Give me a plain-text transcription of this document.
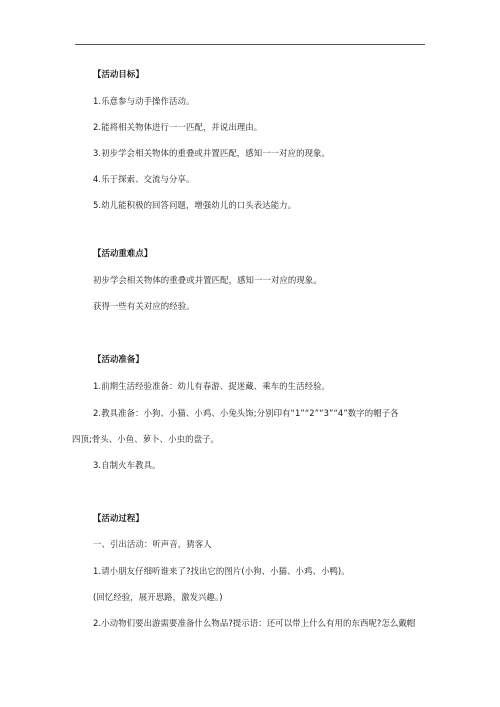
【活动目标】
1.乐意参与动手操作活动。
2.能将相关物体进行一一匹配，并说出理由。
3.初步学会相关物体的重叠或并置匹配，感知一一对应的现象。
4.乐于探索、交流与分享。
5.幼儿能积极的回答问题，增强幼儿的口头表达能力。
【活动重难点】
初步学会相关物体的重叠或并置匹配，感知一一对应的现象。
获得一些有关对应的经验。
【活动准备】
1.前期生活经验准备：幼儿有春游、捉迷藏、乘车的生活经验。
2.教具准备：小狗、小猫、小鸡、小兔头饰;分别印有“1”“2”“3”“4”数字的帽子各
四顶;骨头、小鱼、萝卜、小虫的盘子。
3.自制火车教具。
【活动过程】
一、引出活动：听声音，猜客人
1.请小朋友仔细听谁来了?找出它的图片(小狗、小猫、小鸡、小鸭)。
(回忆经验，展开思路，激发兴趣。)
2.小动物们要出游需要准备什么物品?提示语：还可以带上什么有用的东西呢?怎么戴帽
